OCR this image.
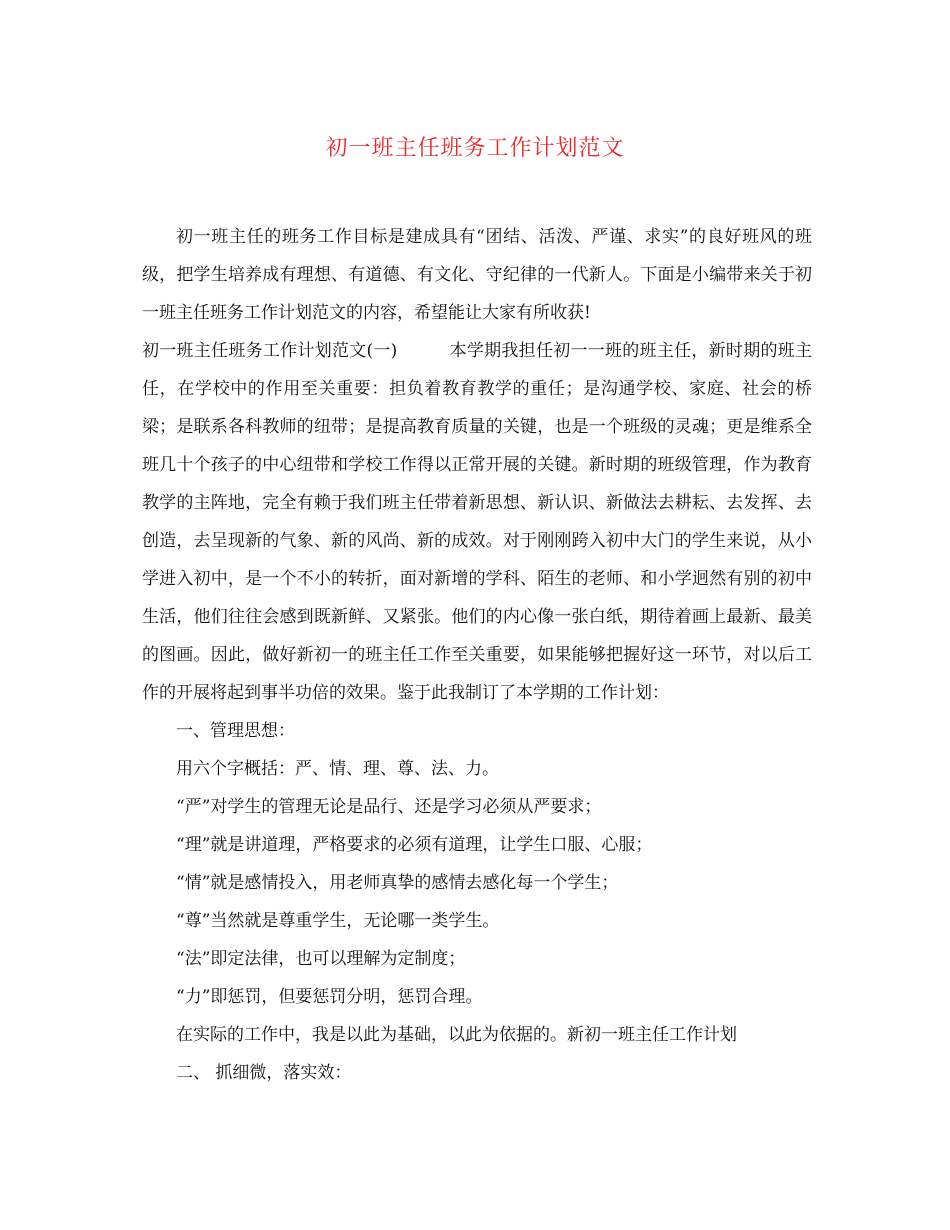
初一班主任班务工作计划范文

初一班主任的班务工作目标是建成具有“团结、活泼、严谨、求实”的良好班风的班级，把学生培养成有理想、有道德、有文化、守纪律的一代新人。下面是小编带来关于初一班主任班务工作计划范文的内容，希望能让大家有所收获!

初一班主任班务工作计划范文(一)	本学期我担任初一一班的班主任，新时期的班主任，在学校中的作用至关重要：担负着教育教学的重任；是沟通学校、家庭、社会的桥梁；是联系各科教师的纽带；是提高教育质量的关键，也是一个班级的灵魂；更是维系全班几十个孩子的中心纽带和学校工作得以正常开展的关键。新时期的班级管理，作为教育教学的主阵地，完全有赖于我们班主任带着新思想、新认识、新做法去耕耘、去发挥、去创造，去呈现新的气象、新的风尚、新的成效。对于刚刚跨入初中大门的学生来说，从小学进入初中，是一个不小的转折，面对新增的学科、陌生的老师、和小学迥然有别的初中生活，他们往往会感到既新鲜、又紧张。他们的内心像一张白纸，期待着画上最新、最美的图画。因此，做好新初一的班主任工作至关重要，如果能够把握好这一环节，对以后工作的开展将起到事半功倍的效果。鉴于此我制订了本学期的工作计划：

一、管理思想：

用六个字概括：严、情、理、尊、法、力。

“严”对学生的管理无论是品行、还是学习必须从严要求；

“理”就是讲道理，严格要求的必须有道理，让学生口服、心服；

“情”就是感情投入，用老师真挚的感情去感化每一个学生；

“尊”当然就是尊重学生，无论哪一类学生。

“法”即定法律，也可以理解为定制度；

“力”即惩罚，但要惩罚分明，惩罚合理。

在实际的工作中，我是以此为基础，以此为依据的。新初一班主任工作计划

二、 抓细微，落实效：
